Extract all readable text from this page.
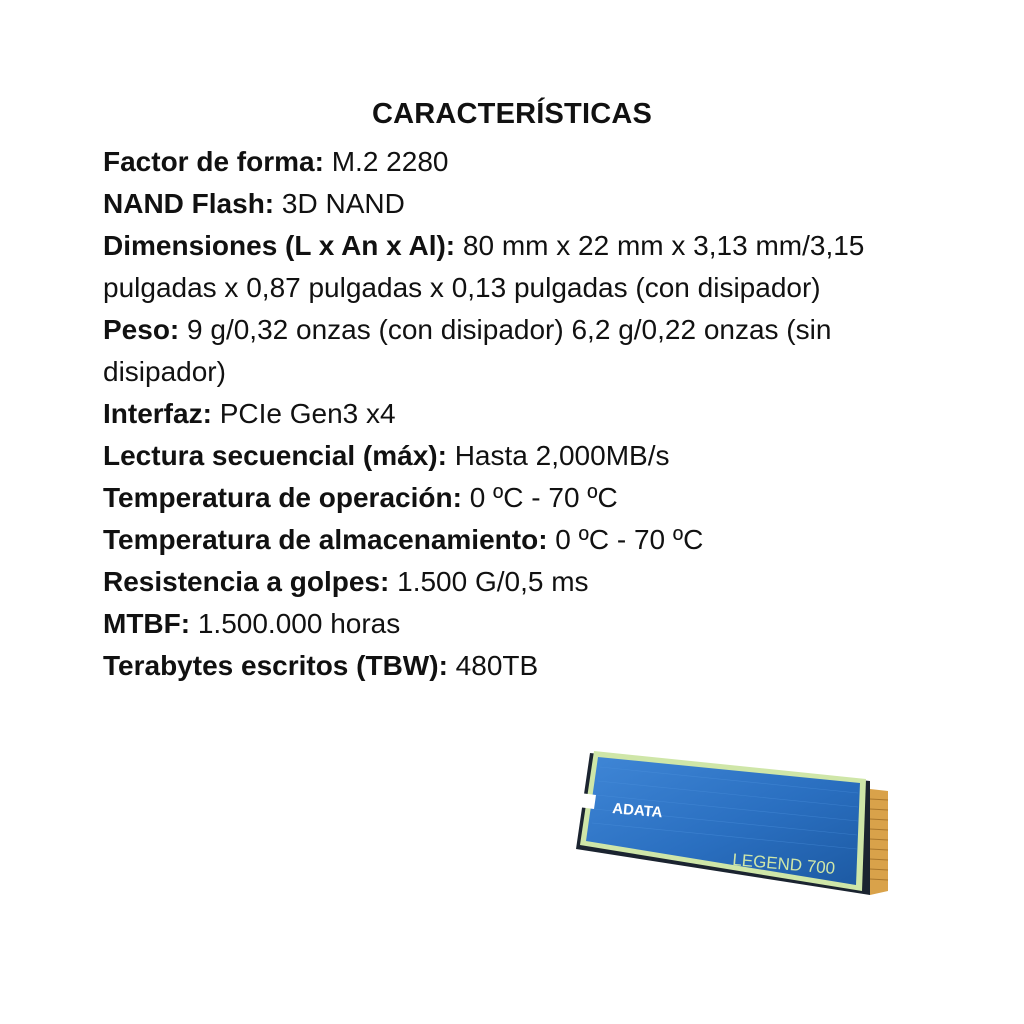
CARACTERÍSTICAS
Factor de forma: M.2 2280
NAND Flash: 3D NAND
Dimensiones (L x An x Al): 80 mm x 22 mm x 3,13 mm/3,15 pulgadas x 0,87 pulgadas x 0,13 pulgadas (con disipador)
Peso: 9 g/0,32 onzas (con disipador) 6,2 g/0,22 onzas (sin disipador)
Interfaz: PCIe Gen3 x4
Lectura secuencial (máx): Hasta 2,000MB/s
Temperatura de operación: 0 ºC - 70 ºC
Temperatura de almacenamiento: 0 ºC - 70 ºC
Resistencia a golpes: 1.500 G/0,5 ms
MTBF: 1.500.000 horas
Terabytes escritos (TBW): 480TB
ADATA
LEGEND 700
